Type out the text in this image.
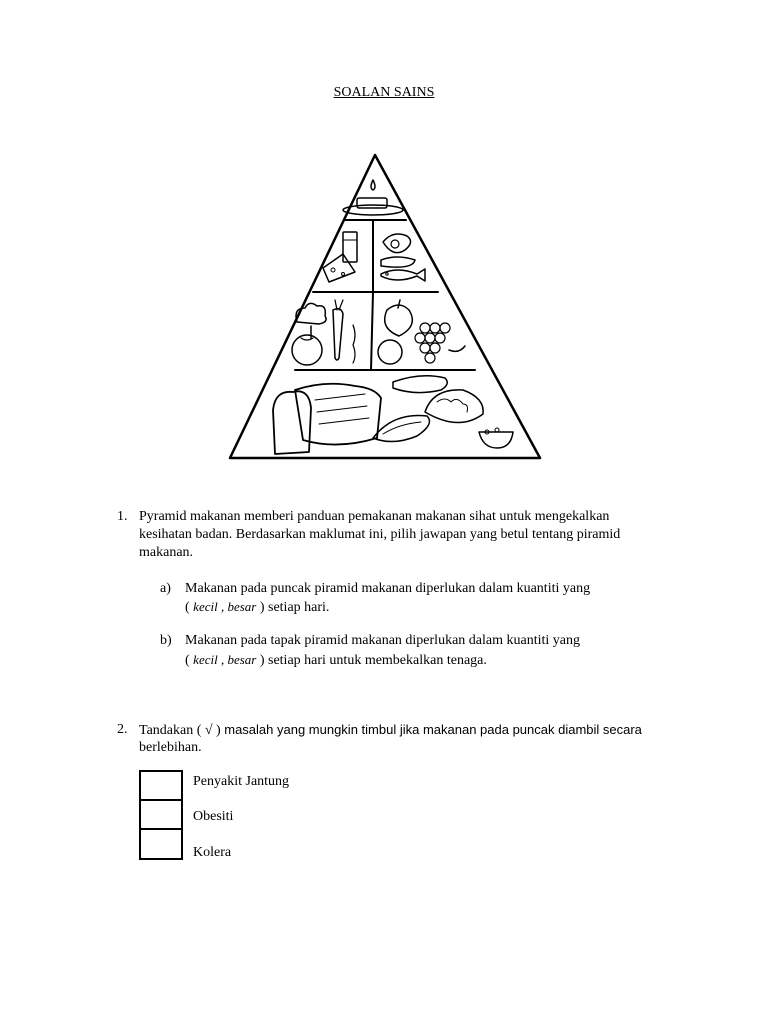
SOALAN SAINS
1. Pyramid makanan memberi panduan pemakanan makanan sihat untuk mengekalkan
kesihatan badan. Berdasarkan maklumat ini, pilih jawapan yang betul tentang piramid
makanan.
a) Makanan pada puncak piramid makanan diperlukan dalam kuantiti yang
( kecil , besar ) setiap hari.
b) Makanan pada tapak piramid makanan diperlukan dalam kuantiti yang
( kecil , besar ) setiap hari untuk membekalkan tenaga.
2. Tandakan ( √ ) masalah yang mungkin timbul jika makanan pada puncak diambil secara
berlebihan.
Penyakit Jantung
Obesiti
Kolera
